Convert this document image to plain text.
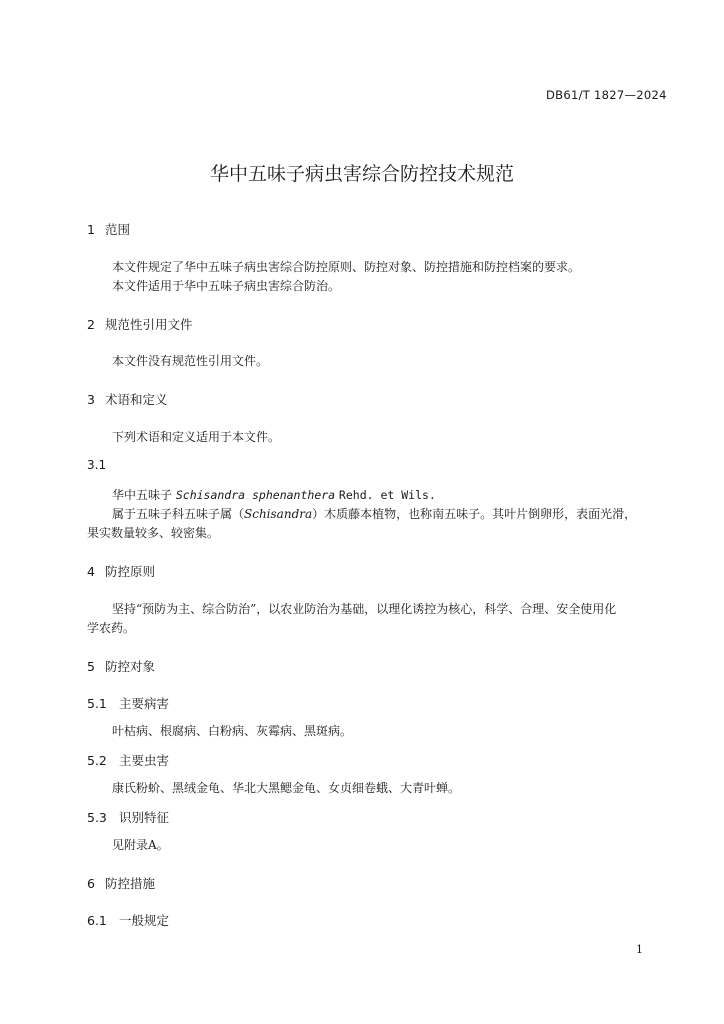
DB61/T 1827—2024
华中五味子病虫害综合防控技术规范
1 范围
本文件规定了华中五味子病虫害综合防控原则、防控对象、防控措施和防控档案的要求。
本文件适用于华中五味子病虫害综合防治。
2 规范性引用文件
本文件没有规范性引用文件。
3 术语和定义
下列术语和定义适用于本文件。
3.1
华中五味子 Schisandra sphenanthera Rehd. et Wils.
属于五味子科五味子属（Schisandra）木质藤本植物，也称南五味子。其叶片倒卵形，表面光滑，
果实数量较多、较密集。
4 防控原则
坚持“预防为主、综合防治”，以农业防治为基础，以理化诱控为核心，科学、合理、安全使用化
学农药。
5 防控对象
5.1 主要病害
叶枯病、根腐病、白粉病、灰霉病、黑斑病。
5.2 主要虫害
康氏粉蚧、黑绒金龟、华北大黑鳃金龟、女贞细卷蛾、大青叶蝉。
5.3 识别特征
见附录A。
6 防控措施
6.1 一般规定
1
